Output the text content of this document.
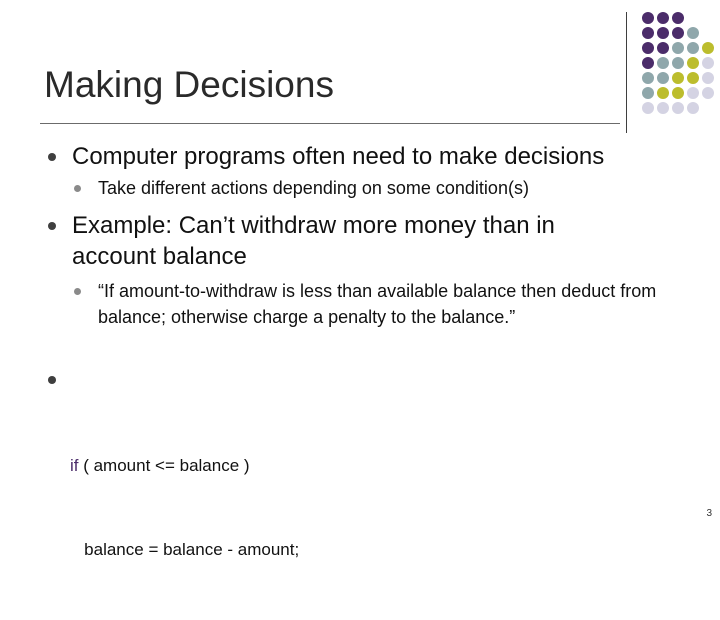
Making Decisions
Computer programs often need to make decisions
Take different actions depending on some condition(s)
Example: Can’t withdraw more money than in
account balance
“If amount-to-withdraw is less than available balance then deduct from balance; otherwise charge a penalty to the balance.”

if ( amount <= balance )

balance = balance - amount;

3
